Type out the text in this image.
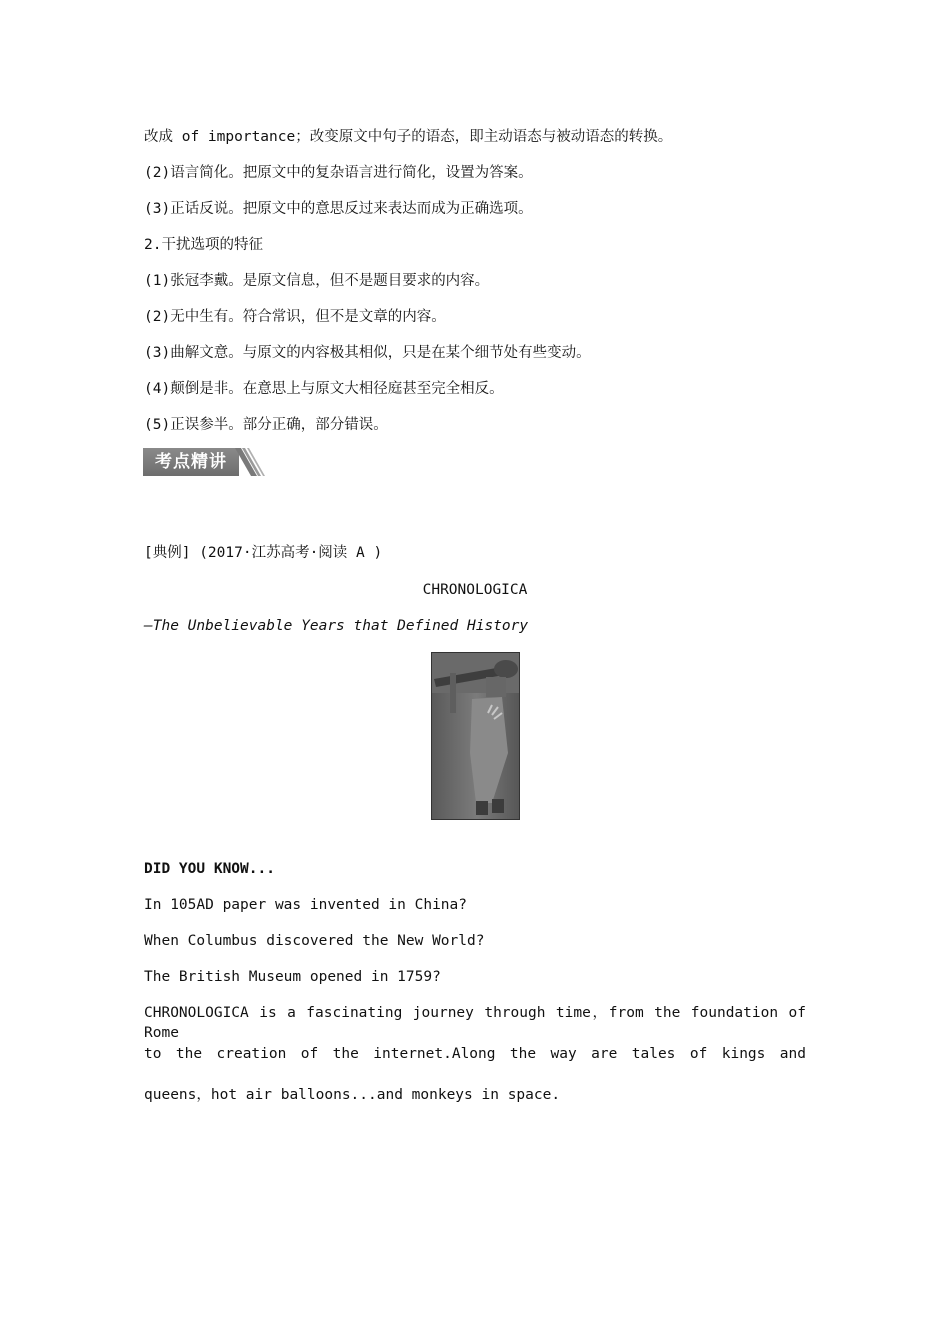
改成 of importance；改变原文中句子的语态，即主动语态与被动语态的转换。

(2)语言简化。把原文中的复杂语言进行简化，设置为答案。

(3)正话反说。把原文中的意思反过来表达而成为正确选项。

2.干扰选项的特征

(1)张冠李戴。是原文信息，但不是题目要求的内容。

(2)无中生有。符合常识，但不是文章的内容。

(3)曲解文意。与原文的内容极其相似，只是在某个细节处有些变动。

(4)颠倒是非。在意思上与原文大相径庭甚至完全相反。

(5)正误参半。部分正确，部分错误。

考点精讲

[典例] (2017·江苏高考·阅读 A )

CHRONOLOGICA

—The Unbelievable Years that Defined History

DID YOU KNOW...

In 105AD paper was invented in China?

When Columbus discovered the New World?

The British Museum opened in 1759?

CHRONOLOGICA is a fascinating journey through time，from the foundation of Rome

to the creation of the internet.Along the way are tales of kings and

queens，hot air balloons...and monkeys in space.
